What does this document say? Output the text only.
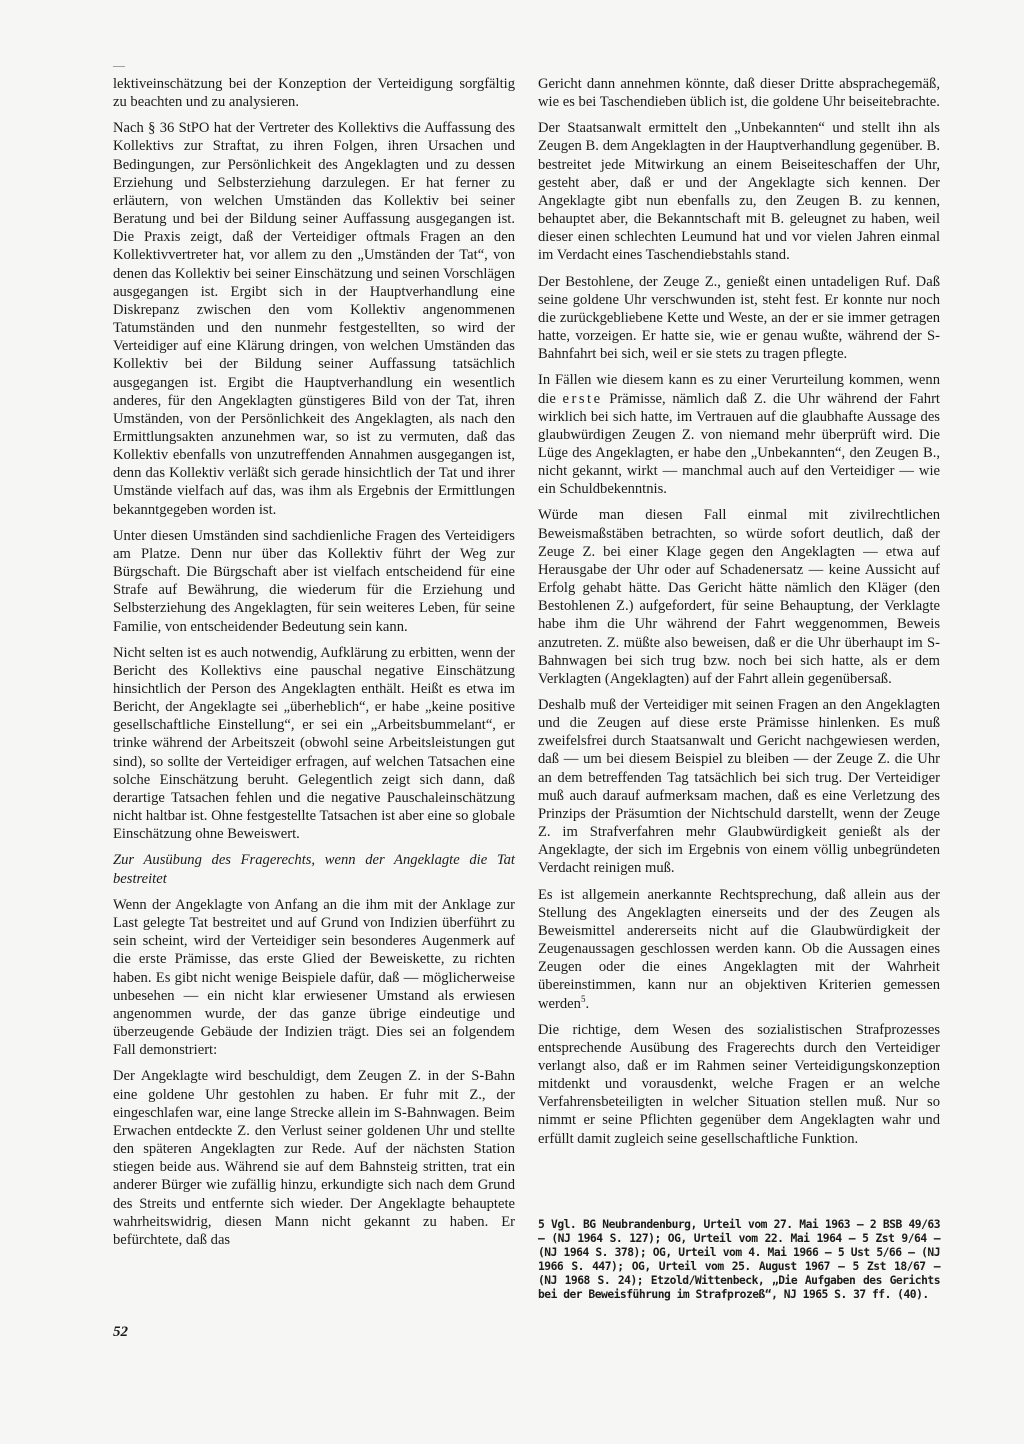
—

lektiveinschätzung bei der Konzeption der Verteidigung sorgfältig zu beachten und zu analysieren.

Nach § 36 StPO hat der Vertreter des Kollektivs die Auffassung des Kollektivs zur Straftat, zu ihren Folgen, ihren Ursachen und Bedingungen, zur Persönlichkeit des Angeklagten und zu dessen Erziehung und Selbsterziehung darzulegen. Er hat ferner zu erläutern, von welchen Umständen das Kollektiv bei seiner Beratung und bei der Bildung seiner Auffassung ausgegangen ist. Die Praxis zeigt, daß der Verteidiger oftmals Fragen an den Kollektivvertreter hat, vor allem zu den „Umständen der Tat“, von denen das Kollektiv bei seiner Einschätzung und seinen Vorschlägen ausgegangen ist. Ergibt sich in der Hauptverhandlung eine Diskrepanz zwischen den vom Kollektiv angenommenen Tatumständen und den nunmehr festgestellten, so wird der Verteidiger auf eine Klärung dringen, von welchen Umständen das Kollektiv bei der Bildung seiner Auffassung tatsächlich ausgegangen ist. Ergibt die Hauptverhandlung ein wesentlich anderes, für den Angeklagten günstigeres Bild von der Tat, ihren Umständen, von der Persönlichkeit des Angeklagten, als nach den Ermittlungsakten anzunehmen war, so ist zu vermuten, daß das Kollektiv ebenfalls von unzutreffenden Annahmen ausgegangen ist, denn das Kollektiv verläßt sich gerade hinsichtlich der Tat und ihrer Umstände vielfach auf das, was ihm als Ergebnis der Ermittlungen bekanntgegeben worden ist.

Unter diesen Umständen sind sachdienliche Fragen des Verteidigers am Platze. Denn nur über das Kollektiv führt der Weg zur Bürgschaft. Die Bürgschaft aber ist vielfach entscheidend für eine Strafe auf Bewährung, die wiederum für die Erziehung und Selbsterziehung des Angeklagten, für sein weiteres Leben, für seine Familie, von entscheidender Bedeutung sein kann.

Nicht selten ist es auch notwendig, Aufklärung zu erbitten, wenn der Bericht des Kollektivs eine pauschal negative Einschätzung hinsichtlich der Person des Angeklagten enthält. Heißt es etwa im Bericht, der Angeklagte sei „überheblich“, er habe „keine positive gesellschaftliche Einstellung“, er sei ein „Arbeitsbummelant“, er trinke während der Arbeitszeit (obwohl seine Arbeitsleistungen gut sind), so sollte der Verteidiger erfragen, auf welchen Tatsachen eine solche Einschätzung beruht. Gelegentlich zeigt sich dann, daß derartige Tatsachen fehlen und die negative Pauschaleinschätzung nicht haltbar ist. Ohne festgestellte Tatsachen ist aber eine so globale Einschätzung ohne Beweiswert.

Zur Ausübung des Fragerechts, wenn der Angeklagte die Tat bestreitet

Wenn der Angeklagte von Anfang an die ihm mit der Anklage zur Last gelegte Tat bestreitet und auf Grund von Indizien überführt zu sein scheint, wird der Verteidiger sein besonderes Augenmerk auf die erste Prämisse, das erste Glied der Beweiskette, zu richten haben. Es gibt nicht wenige Beispiele dafür, daß — möglicherweise unbesehen — ein nicht klar erwiesener Umstand als erwiesen angenommen wurde, der das ganze übrige eindeutige und überzeugende Gebäude der Indizien trägt. Dies sei an folgendem Fall demonstriert:

Der Angeklagte wird beschuldigt, dem Zeugen Z. in der S-Bahn eine goldene Uhr gestohlen zu haben. Er fuhr mit Z., der eingeschlafen war, eine lange Strecke allein im S-Bahnwagen. Beim Erwachen entdeckte Z. den Verlust seiner goldenen Uhr und stellte den späteren Angeklagten zur Rede. Auf der nächsten Station stiegen beide aus. Während sie auf dem Bahnsteig stritten, trat ein anderer Bürger wie zufällig hinzu, erkundigte sich nach dem Grund des Streits und entfernte sich wieder. Der Angeklagte behauptete wahrheitswidrig, diesen Mann nicht gekannt zu haben. Er befürchtete, daß das

Gericht dann annehmen könnte, daß dieser Dritte absprachegemäß, wie es bei Taschendieben üblich ist, die goldene Uhr beiseitebrachte.

Der Staatsanwalt ermittelt den „Unbekannten“ und stellt ihn als Zeugen B. dem Angeklagten in der Hauptverhandlung gegenüber. B. bestreitet jede Mitwirkung an einem Beiseiteschaffen der Uhr, gesteht aber, daß er und der Angeklagte sich kennen. Der Angeklagte gibt nun ebenfalls zu, den Zeugen B. zu kennen, behauptet aber, die Bekanntschaft mit B. geleugnet zu haben, weil dieser einen schlechten Leumund hat und vor vielen Jahren einmal im Verdacht eines Taschendiebstahls stand.

Der Bestohlene, der Zeuge Z., genießt einen untadeligen Ruf. Daß seine goldene Uhr verschwunden ist, steht fest. Er konnte nur noch die zurückgebliebene Kette und Weste, an der er sie immer getragen hatte, vorzeigen. Er hatte sie, wie er genau wußte, während der S-Bahnfahrt bei sich, weil er sie stets zu tragen pflegte.

In Fällen wie diesem kann es zu einer Verurteilung kommen, wenn die erste Prämisse, nämlich daß Z. die Uhr während der Fahrt wirklich bei sich hatte, im Vertrauen auf die glaubhafte Aussage des glaubwürdigen Zeugen Z. von niemand mehr überprüft wird. Die Lüge des Angeklagten, er habe den „Unbekannten“, den Zeugen B., nicht gekannt, wirkt — manchmal auch auf den Verteidiger — wie ein Schuldbekenntnis.

Würde man diesen Fall einmal mit zivilrechtlichen Beweismaßstäben betrachten, so würde sofort deutlich, daß der Zeuge Z. bei einer Klage gegen den Angeklagten — etwa auf Herausgabe der Uhr oder auf Schadenersatz — keine Aussicht auf Erfolg gehabt hätte. Das Gericht hätte nämlich den Kläger (den Bestohlenen Z.) aufgefordert, für seine Behauptung, der Verklagte habe ihm die Uhr während der Fahrt weggenommen, Beweis anzutreten. Z. müßte also beweisen, daß er die Uhr überhaupt im S-Bahnwagen bei sich trug bzw. noch bei sich hatte, als er dem Verklagten (Angeklagten) auf der Fahrt allein gegenübersaß.

Deshalb muß der Verteidiger mit seinen Fragen an den Angeklagten und die Zeugen auf diese erste Prämisse hinlenken. Es muß zweifelsfrei durch Staatsanwalt und Gericht nachgewiesen werden, daß — um bei diesem Beispiel zu bleiben — der Zeuge Z. die Uhr an dem betreffenden Tag tatsächlich bei sich trug. Der Verteidiger muß auch darauf aufmerksam machen, daß es eine Verletzung des Prinzips der Präsumtion der Nichtschuld darstellt, wenn der Zeuge Z. im Strafverfahren mehr Glaubwürdigkeit genießt als der Angeklagte, der sich im Ergebnis von einem völlig unbegründeten Verdacht reinigen muß.

Es ist allgemein anerkannte Rechtsprechung, daß allein aus der Stellung des Angeklagten einerseits und der des Zeugen als Beweismittel andererseits nicht auf die Glaubwürdigkeit der Zeugenaussagen geschlossen werden kann. Ob die Aussagen eines Zeugen oder die eines Angeklagten mit der Wahrheit übereinstimmen, kann nur an objektiven Kriterien gemessen werden$^5$.

Die richtige, dem Wesen des sozialistischen Strafprozesses entsprechende Ausübung des Fragerechts durch den Verteidiger verlangt also, daß er im Rahmen seiner Verteidigungskonzeption mitdenkt und vorausdenkt, welche Fragen er an welche Verfahrensbeteiligten in welcher Situation stellen muß. Nur so nimmt er seine Pflichten gegenüber dem Angeklagten wahr und erfüllt damit zugleich seine gesellschaftliche Funktion.

5 Vgl. BG Neubrandenburg, Urteil vom 27. Mai 1963 — 2 BSB 49/63 — (NJ 1964 S. 127); OG, Urteil vom 22. Mai 1964 — 5 Zst 9/64 — (NJ 1964 S. 378); OG, Urteil vom 4. Mai 1966 — 5 Ust 5/66 — (NJ 1966 S. 447); OG, Urteil vom 25. August 1967 — 5 Zst 18/67 — (NJ 1968 S. 24); Etzold/Wittenbeck, „Die Aufgaben des Gerichts bei der Beweisführung im Strafprozeß“, NJ 1965 S. 37 ff. (40).
52
